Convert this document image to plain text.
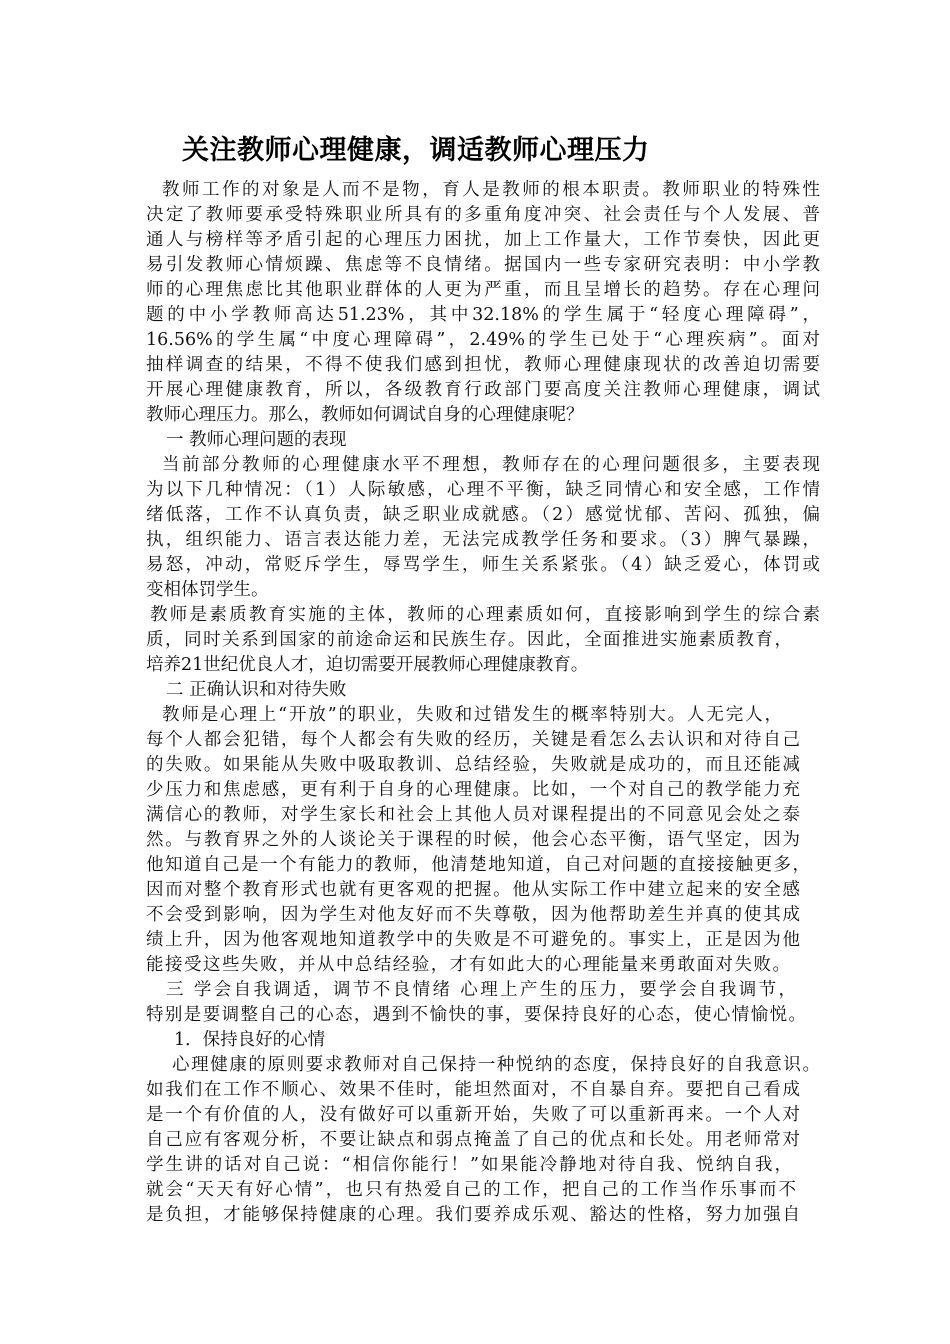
关注教师心理健康，调适教师心理压力
教师工作的对象是人而不是物，育人是教师的根本职责。教师职业的特殊性
决定了教师要承受特殊职业所具有的多重角度冲突、社会责任与个人发展、普
通人与榜样等矛盾引起的心理压力困扰，加上工作量大，工作节奏快，因此更
易引发教师心情烦躁、焦虑等不良情绪。据国内一些专家研究表明：中小学教
师的心理焦虑比其他职业群体的人更为严重，而且呈增长的趋势。存在心理问
题的中小学教师高达51.23%，其中32.18%的学生属于“轻度心理障碍”，
16.56%的学生属“中度心理障碍”，2.49%的学生已处于“心理疾病”。面对
抽样调查的结果，不得不使我们感到担忧，教师心理健康现状的改善迫切需要
开展心理健康教育，所以，各级教育行政部门要高度关注教师心理健康，调试
教师心理压力。那么，教师如何调试自身的心理健康呢？
一 教师心理问题的表现
当前部分教师的心理健康水平不理想，教师存在的心理问题很多，主要表现
为以下几种情况：（1）人际敏感，心理不平衡，缺乏同情心和安全感，工作情
绪低落，工作不认真负责，缺乏职业成就感。（2）感觉忧郁、苦闷、孤独，偏
执，组织能力、语言表达能力差，无法完成教学任务和要求。（3）脾气暴躁，
易怒，冲动，常贬斥学生，辱骂学生，师生关系紧张。（4）缺乏爱心，体罚或
变相体罚学生。
教师是素质教育实施的主体，教师的心理素质如何，直接影响到学生的综合素
质，同时关系到国家的前途命运和民族生存。因此，全面推进实施素质教育，
培养21世纪优良人才，迫切需要开展教师心理健康教育。
二 正确认识和对待失败
教师是心理上“开放”的职业，失败和过错发生的概率特别大。人无完人，
每个人都会犯错，每个人都会有失败的经历，关键是看怎么去认识和对待自己
的失败。如果能从失败中吸取教训、总结经验，失败就是成功的，而且还能减
少压力和焦虑感，更有利于自身的心理健康。比如，一个对自己的教学能力充
满信心的教师，对学生家长和社会上其他人员对课程提出的不同意见会处之泰
然。与教育界之外的人谈论关于课程的时候，他会心态平衡，语气坚定，因为
他知道自己是一个有能力的教师，他清楚地知道，自己对问题的直接接触更多，
因而对整个教育形式也就有更客观的把握。他从实际工作中建立起来的安全感
不会受到影响，因为学生对他友好而不失尊敬，因为他帮助差生并真的使其成
绩上升，因为他客观地知道教学中的失败是不可避免的。事实上，正是因为他
能接受这些失败，并从中总结经验，才有如此大的心理能量来勇敢面对失败。
三 学会自我调适，调节不良情绪 心理上产生的压力，要学会自我调节，
特别是要调整自己的心态，遇到不愉快的事，要保持良好的心态，使心情愉悦。
1．保持良好的心情
心理健康的原则要求教师对自己保持一种悦纳的态度，保持良好的自我意识。
如我们在工作不顺心、效果不佳时，能坦然面对，不自暴自弃。要把自己看成
是一个有价值的人，没有做好可以重新开始，失败了可以重新再来。一个人对
自己应有客观分析，不要让缺点和弱点掩盖了自己的优点和长处。用老师常对
学生讲的话对自己说：“相信你能行！”如果能冷静地对待自我、悦纳自我，
就会“天天有好心情”，也只有热爱自己的工作，把自己的工作当作乐事而不
是负担，才能够保持健康的心理。我们要养成乐观、豁达的性格，努力加强自
